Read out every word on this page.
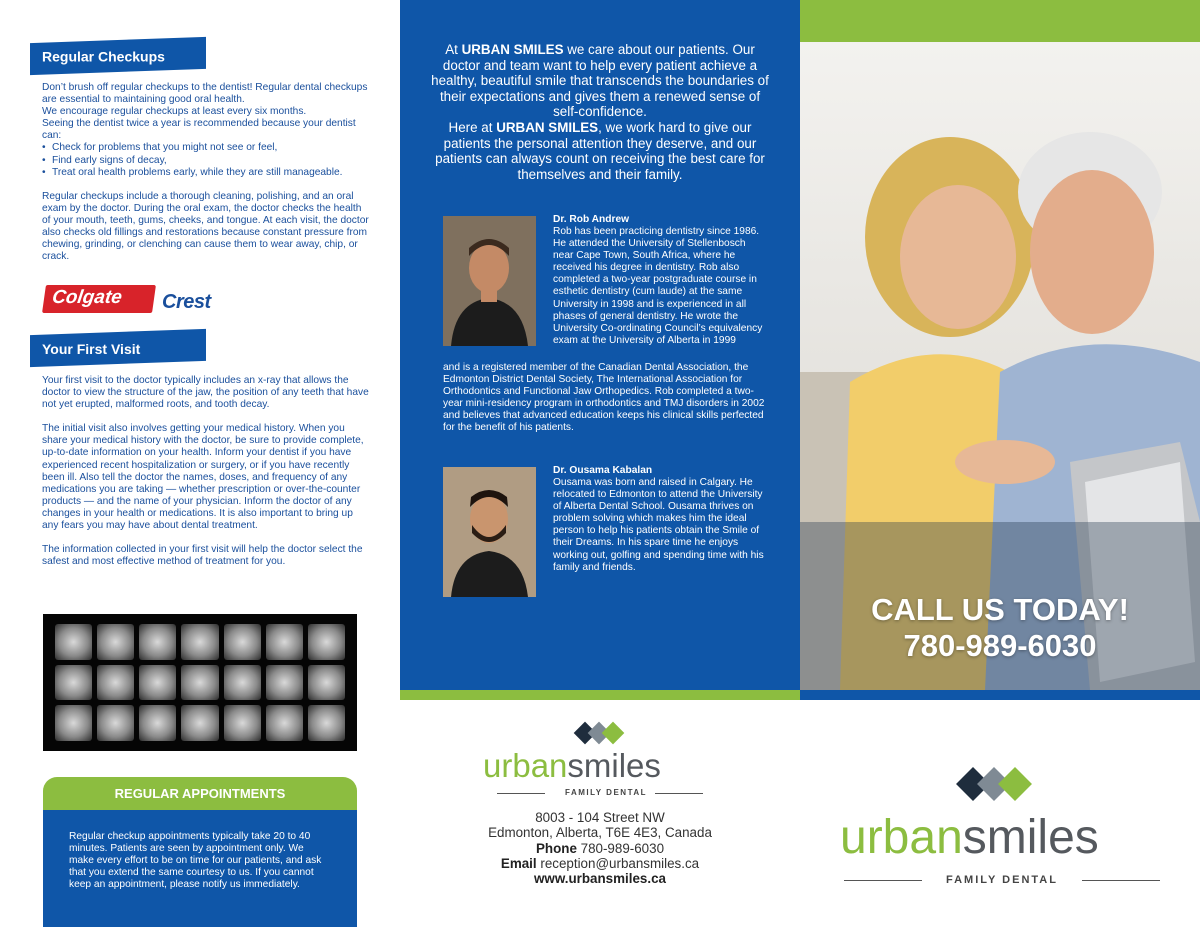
Regular Checkups

Don’t brush off regular checkups to the dentist! Regular dental checkups are essential to maintaining good oral health.

We encourage regular checkups at least every six months.

Seeing the dentist twice a year is recommended because your dentist can:

• Check for problems that you might not see or feel,
• Find early signs of decay,
• Treat oral health problems early, while they are still manageable.

Regular checkups include a thorough cleaning, polishing, and an oral exam by the doctor. During the oral exam, the doctor checks the health of your mouth, teeth, gums, cheeks, and tongue. At each visit, the doctor also checks old fillings and restorations because constant pressure from chewing, grinding, or clenching can cause them to wear away, chip, or crack.

Colgate	Crest
Your First Visit

Your first visit to the doctor typically includes an x-ray that allows the doctor to view the structure of the jaw, the position of any teeth that have not yet erupted, malformed roots, and tooth decay.

The initial visit also involves getting your medical history. When you share your medical history with the doctor, be sure to provide complete, up-to-date information on your health. Inform your dentist if you have experienced recent hospitalization or surgery, or if you have recently been ill. Also tell the doctor the names, doses, and frequency of any medications you are taking — whether prescription or over-the-counter products — and the name of your physician. Inform the doctor of any changes in your health or medications. It is also important to bring up any fears you may have about dental treatment.

The information collected in your first visit will help the doctor select the safest and most effective method of treatment for you.

REGULAR APPOINTMENTS
Regular checkup appointments typically take 20 to 40 minutes. Patients are seen by appointment only. We make every effort to be on time for our patients, and ask that you extend the same courtesy to us. If you cannot keep an appointment, please notify us immediately.
At URBAN SMILES we care about our patients. Our doctor and team want to help every patient achieve a healthy, beautiful smile that transcends the boundaries of their expectations and gives them a renewed sense of self-confidence.
Here at URBAN SMILES, we work hard to give our patients the personal attention they deserve, and our patients can always count on receiving the best care for themselves and their family.
Dr. Rob Andrew
Rob has been practicing dentistry since 1986. He attended the University of Stellenbosch near Cape Town, South Africa, where he received his degree in dentistry. Rob also completed a two-year postgraduate course in esthetic dentistry (cum laude) at the same University in 1998 and is experienced in all phases of general dentistry. He wrote the University Co-ordinating Council’s equivalency exam at the University of Alberta in 1999
and is a registered member of the Canadian Dental Association, the Edmonton District Dental Society, The International Association for Orthodontics and Functional Jaw Orthopedics. Rob completed a two-year mini-residency program in orthodontics and TMJ disorders in 2002 and believes that advanced education keeps his clinical skills perfected for the benefit of his patients.
Dr. Ousama Kabalan
Ousama was born and raised in Calgary. He relocated to Edmonton to attend the University of Alberta Dental School. Ousama thrives on problem solving which makes him the ideal person to help his patients obtain the Smile of their Dreams. In his spare time he enjoys working out, golfing and spending time with his family and friends.
urbansmiles
FAMILY DENTAL
8003 - 104 Street NW
Edmonton, Alberta, T6E 4E3, Canada
Phone 780-989-6030
Email reception@urbansmiles.ca
www.urbansmiles.ca
CALL US TODAY!
780-989-6030
urbansmiles
FAMILY DENTAL
